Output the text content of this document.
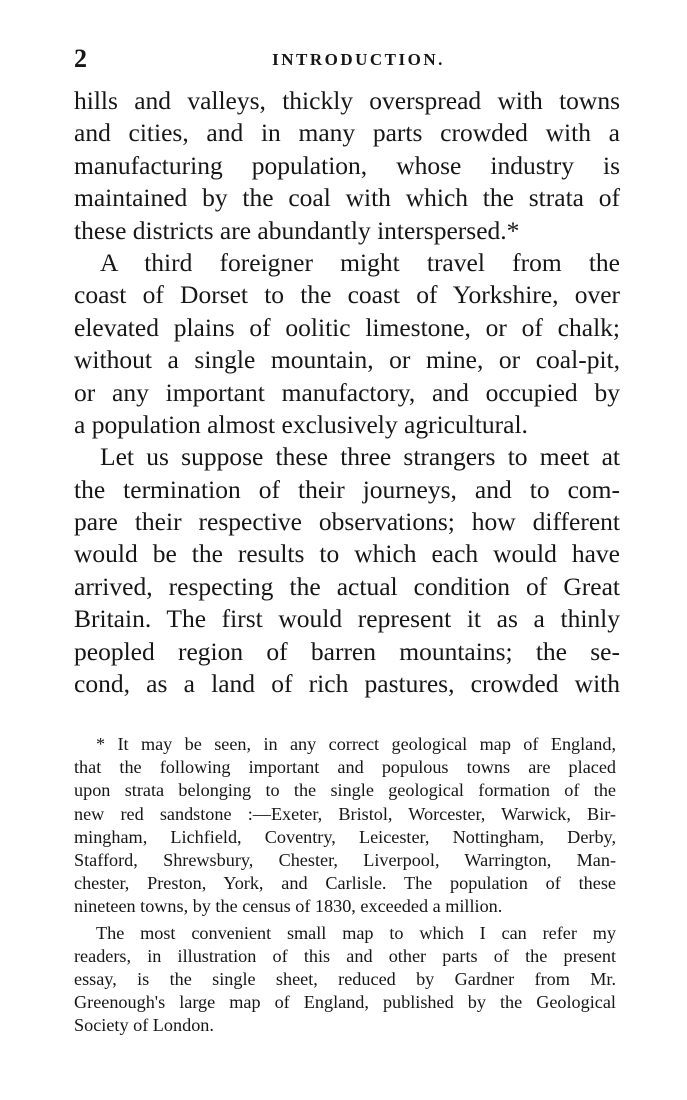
2	INTRODUCTION.
hills and valleys, thickly overspread with towns
and cities, and in many parts crowded with a
manufacturing population, whose industry is
maintained by the coal with which the strata of
these districts are abundantly interspersed.*
A third foreigner might travel from the
coast of Dorset to the coast of Yorkshire, over
elevated plains of oolitic limestone, or of chalk;
without a single mountain, or mine, or coal-pit,
or any important manufactory, and occupied by
a population almost exclusively agricultural.
Let us suppose these three strangers to meet at
the termination of their journeys, and to com-
pare their respective observations; how different
would be the results to which each would have
arrived, respecting the actual condition of Great
Britain. The first would represent it as a thinly
peopled region of barren mountains; the se-
cond, as a land of rich pastures, crowded with
* It may be seen, in any correct geological map of England,
that the following important and populous towns are placed
upon strata belonging to the single geological formation of the
new red sandstone :—Exeter, Bristol, Worcester, Warwick, Bir-
mingham, Lichfield, Coventry, Leicester, Nottingham, Derby,
Stafford, Shrewsbury, Chester, Liverpool, Warrington, Man-
chester, Preston, York, and Carlisle. The population of these
nineteen towns, by the census of 1830, exceeded a million.
The most convenient small map to which I can refer my
readers, in illustration of this and other parts of the present
essay, is the single sheet, reduced by Gardner from Mr.
Greenough's large map of England, published by the Geological
Society of London.
